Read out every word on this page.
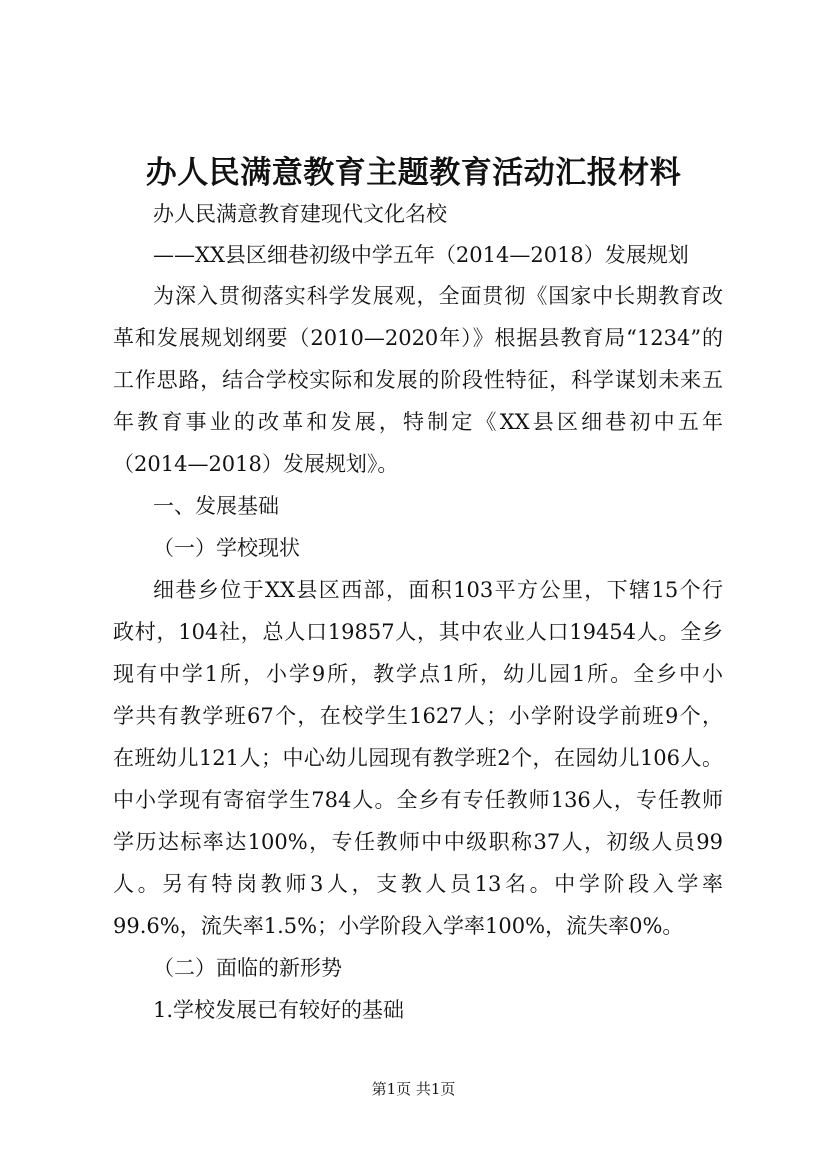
办人民满意教育主题教育活动汇报材料
办人民满意教育建现代文化名校
——XX县区细巷初级中学五年（2014—2018）发展规划
为深入贯彻落实科学发展观，全面贯彻《国家中长期教育改
革和发展规划纲要（2010—2020年）》根据县教育局“1234”的
工作思路，结合学校实际和发展的阶段性特征，科学谋划未来五
年教育事业的改革和发展，特制定《XX县区细巷初中五年
（2014—2018）发展规划》。
一、发展基础
（一）学校现状
细巷乡位于XX县区西部，面积103平方公里，下辖15个行
政村，104社，总人口19857人，其中农业人口19454人。全乡
现有中学1所，小学9所，教学点1所，幼儿园1所。全乡中小
学共有教学班67个，在校学生1627人；小学附设学前班9个，
在班幼儿121人；中心幼儿园现有教学班2个，在园幼儿106人。
中小学现有寄宿学生784人。全乡有专任教师136人，专任教师
学历达标率达100%，专任教师中中级职称37人，初级人员99
人。另有特岗教师3人，支教人员13名。中学阶段入学率
99.6%，流失率1.5%；小学阶段入学率100%，流失率0%。
（二）面临的新形势
1.学校发展已有较好的基础
第1页 共1页
